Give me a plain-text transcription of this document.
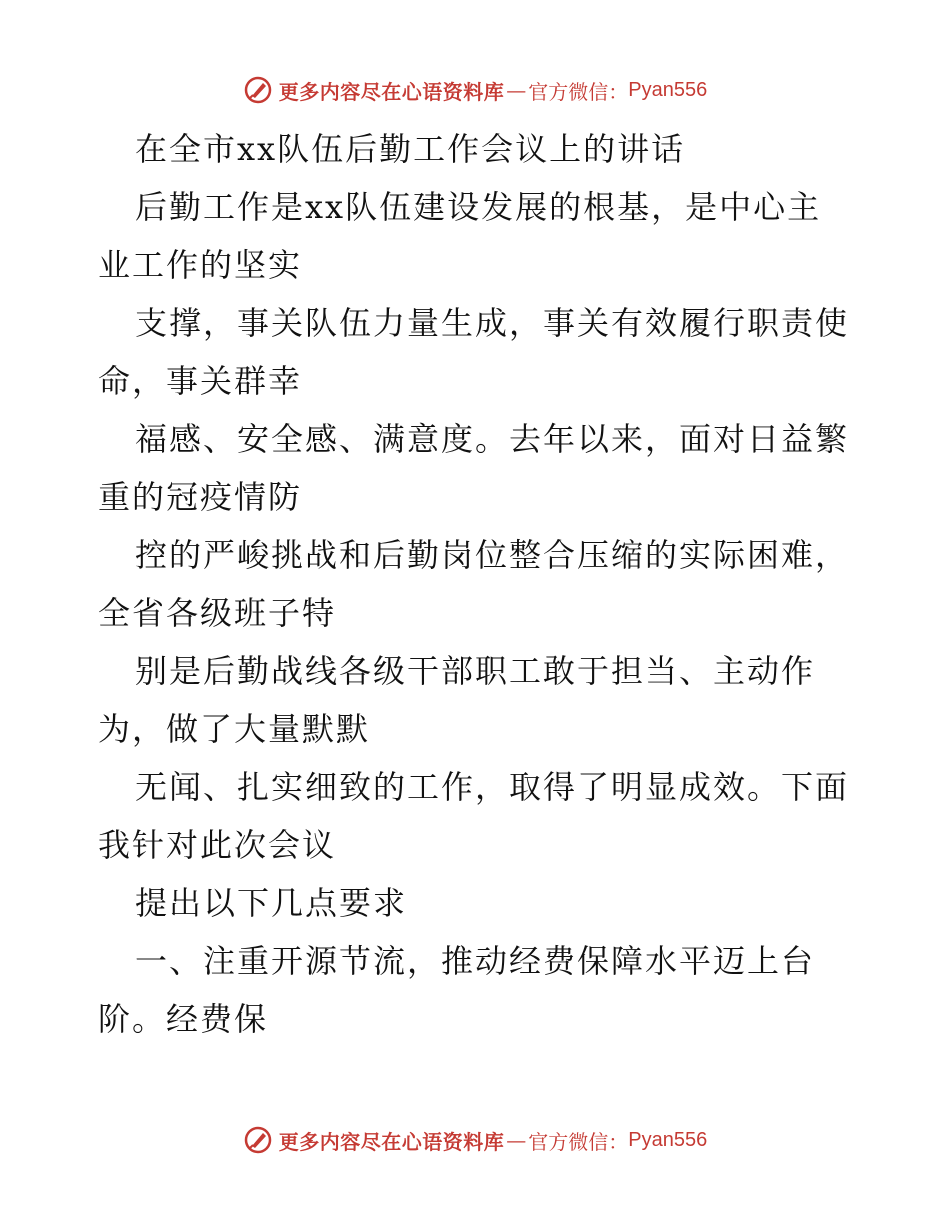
更多内容尽在心语资料库 — 官方微信： Pyan556
在全市xx队伍后勤工作会议上的讲话
后勤工作是xx队伍建设发展的根基，是中心主
业工作的坚实
支撑，事关队伍力量生成，事关有效履行职责使
命，事关群幸
福感、安全感、满意度。去年以来，面对日益繁
重的冠疫情防
控的严峻挑战和后勤岗位整合压缩的实际困难，
全省各级班子特
别是后勤战线各级干部职工敢于担当、主动作
为，做了大量默默
无闻、扎实细致的工作，取得了明显成效。下面
我针对此次会议
提出以下几点要求
一、注重开源节流，推动经费保障水平迈上台
阶。经费保
更多内容尽在心语资料库 — 官方微信： Pyan556
